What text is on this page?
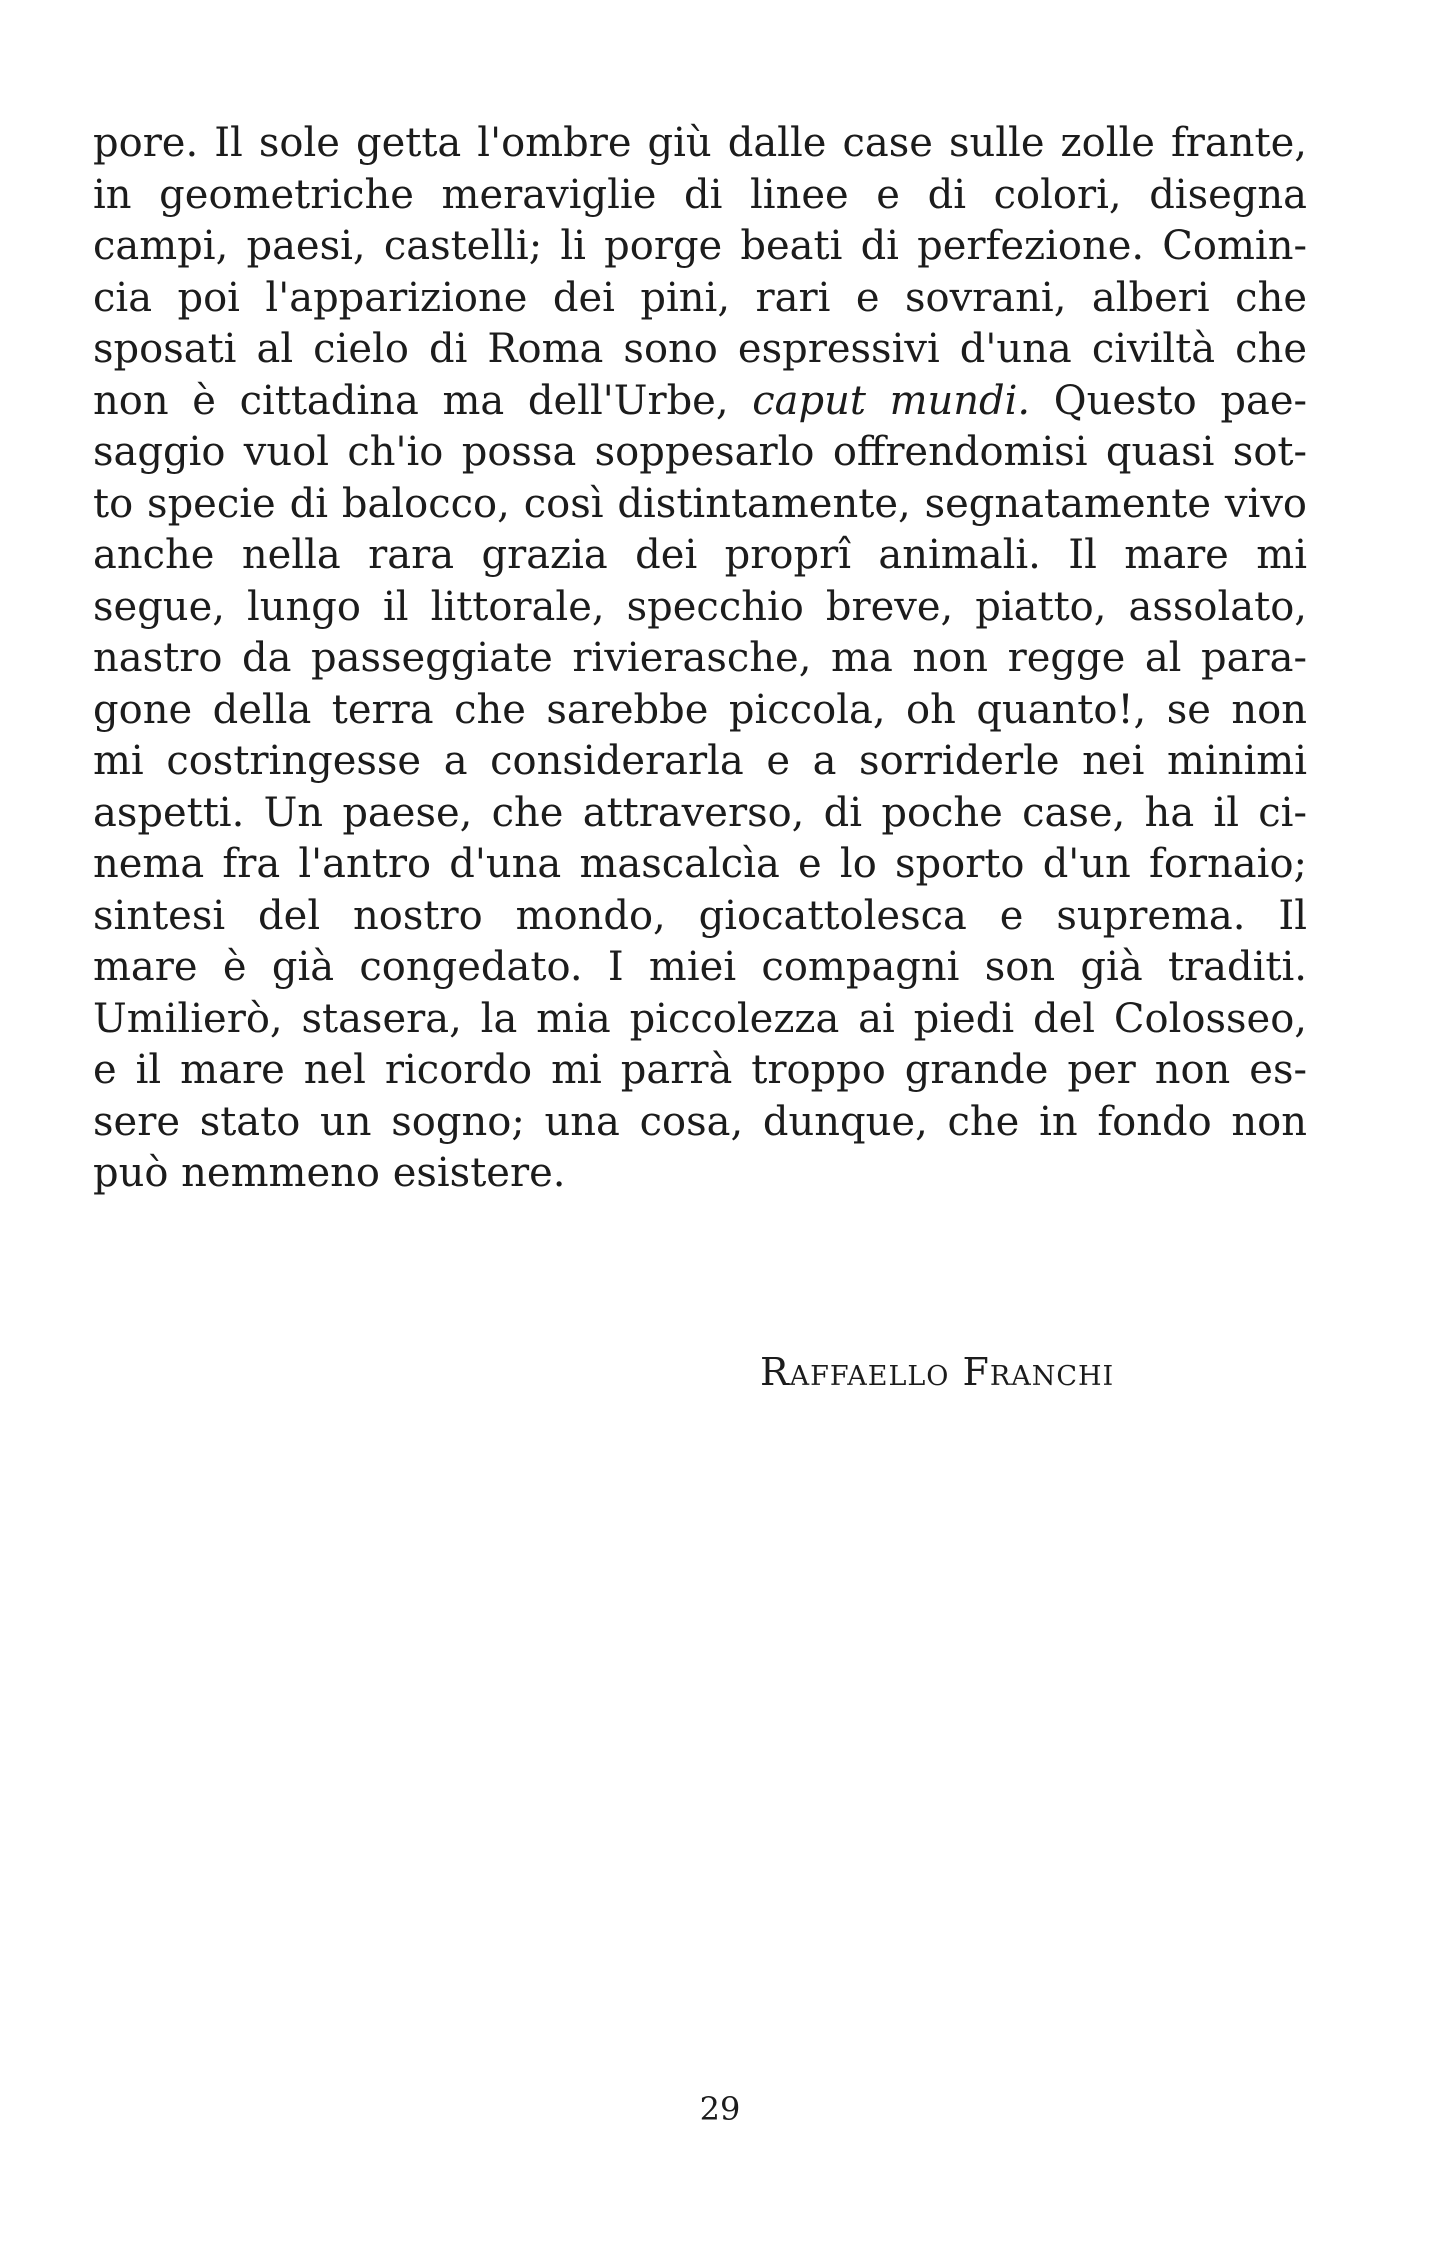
pore. Il sole getta l'ombre giù dalle case sulle zolle frante,
in geometriche meraviglie di linee e di colori, disegna
campi, paesi, castelli; li porge beati di perfezione. Comin-
cia poi l'apparizione dei pini, rari e sovrani, alberi che
sposati al cielo di Roma sono espressivi d'una civiltà che
non è cittadina ma dell'Urbe, caput mundi. Questo pae-
saggio vuol ch'io possa soppesarlo offrendomisi quasi sot-
to specie di balocco, così distintamente, segnatamente vivo
anche nella rara grazia dei proprî animali. Il mare mi
segue, lungo il littorale, specchio breve, piatto, assolato,
nastro da passeggiate rivierasche, ma non regge al para-
gone della terra che sarebbe piccola, oh quanto!, se non
mi costringesse a considerarla e a sorriderle nei minimi
aspetti. Un paese, che attraverso, di poche case, ha il ci-
nema fra l'antro d'una mascalcìa e lo sporto d'un fornaio;
sintesi del nostro mondo, giocattolesca e suprema. Il
mare è già congedato. I miei compagni son già traditi.
Umilierò, stasera, la mia piccolezza ai piedi del Colosseo,
e il mare nel ricordo mi parrà troppo grande per non es-
sere stato un sogno; una cosa, dunque, che in fondo non
può nemmeno esistere.
Raffaello Franchi
29
